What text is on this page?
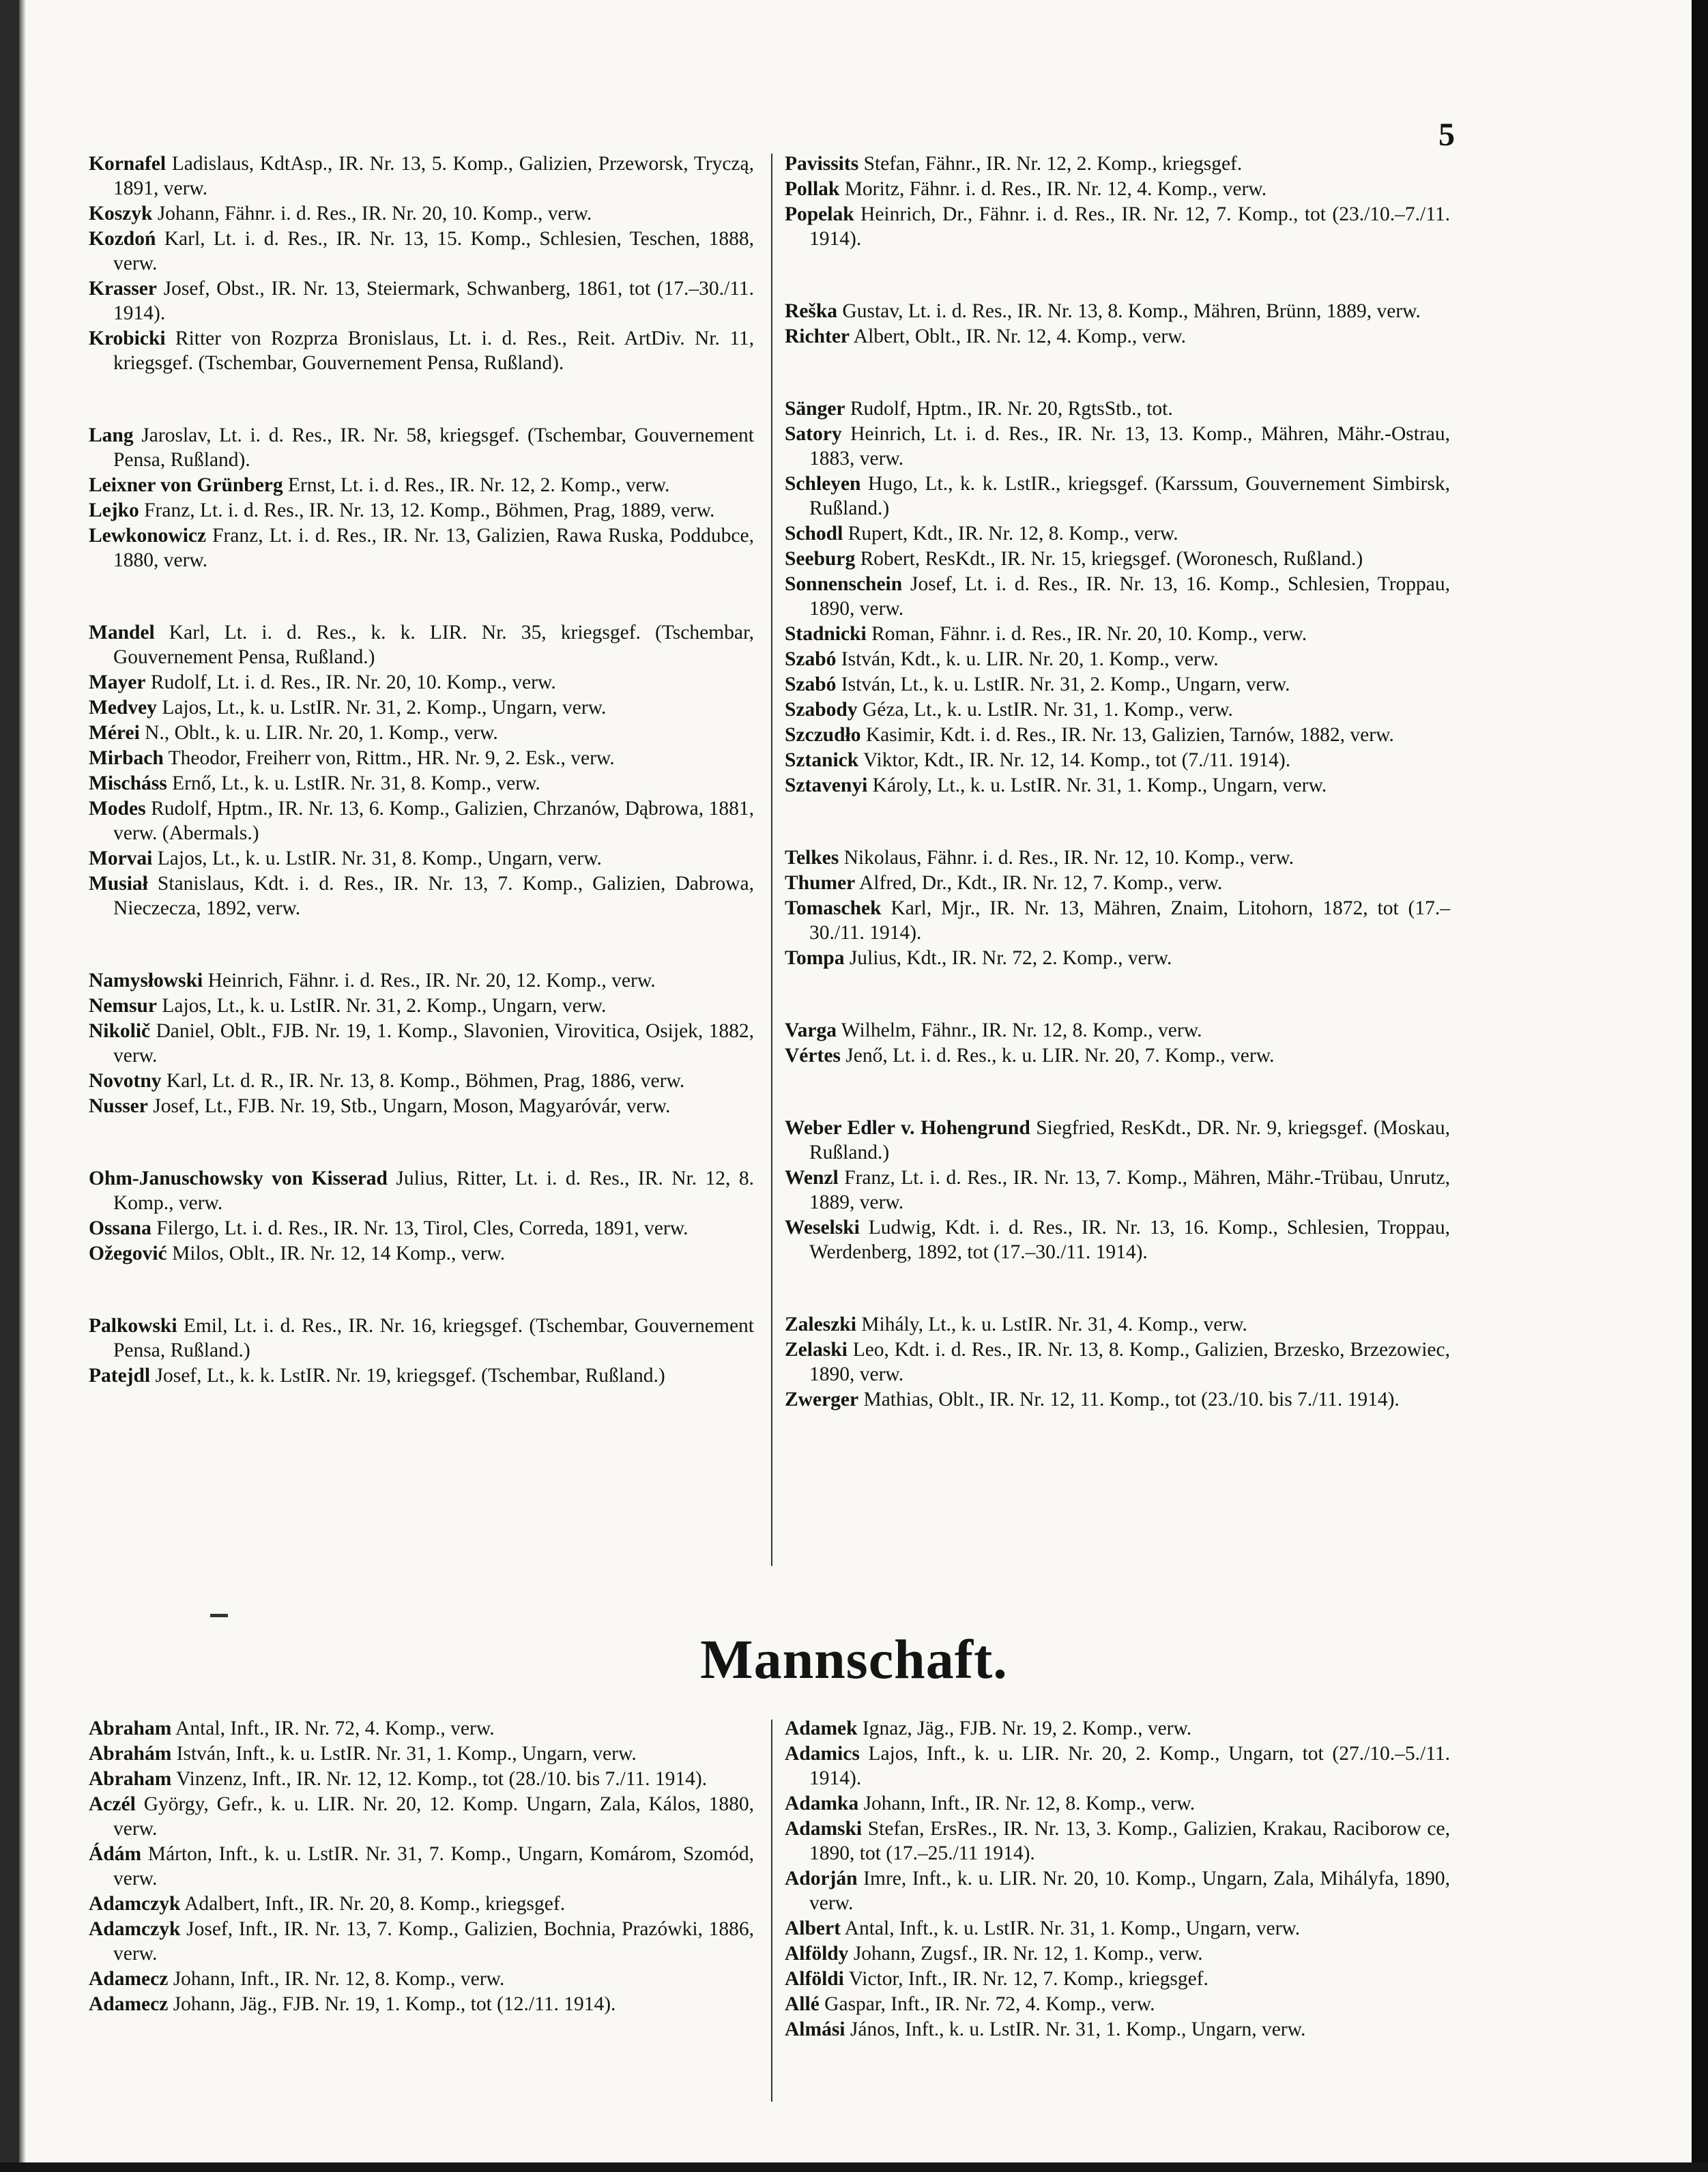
5

Kornafel Ladislaus, KdtAsp., IR. Nr. 13, 5. Komp., Galizien, Przeworsk, Tryczą, 1891, verw.

Koszyk Johann, Fähnr. i. d. Res., IR. Nr. 20, 10. Komp., verw.

Kozdoń Karl, Lt. i. d. Res., IR. Nr. 13, 15. Komp., Schlesien, Teschen, 1888, verw.

Krasser Josef, Obst., IR. Nr. 13, Steiermark, Schwanberg, 1861, tot (17.–30./11. 1914).

Krobicki Ritter von Rozprza Bronislaus, Lt. i. d. Res., Reit. ArtDiv. Nr. 11, kriegsgef. (Tschembar, Gouvernement Pensa, Rußland).

Lang Jaroslav, Lt. i. d. Res., IR. Nr. 58, kriegsgef. (Tschembar, Gouvernement Pensa, Rußland).

Leixner von Grünberg Ernst, Lt. i. d. Res., IR. Nr. 12, 2. Komp., verw.

Lejko Franz, Lt. i. d. Res., IR. Nr. 13, 12. Komp., Böhmen, Prag, 1889, verw.

Lewkonowicz Franz, Lt. i. d. Res., IR. Nr. 13, Galizien, Rawa Ruska, Poddubce, 1880, verw.

Mandel Karl, Lt. i. d. Res., k. k. LIR. Nr. 35, kriegsgef. (Tschembar, Gouvernement Pensa, Rußland.)

Mayer Rudolf, Lt. i. d. Res., IR. Nr. 20, 10. Komp., verw.

Medvey Lajos, Lt., k. u. LstIR. Nr. 31, 2. Komp., Ungarn, verw.

Mérei N., Oblt., k. u. LIR. Nr. 20, 1. Komp., verw.

Mirbach Theodor, Freiherr von, Rittm., HR. Nr. 9, 2. Esk., verw.

Mischáss Ernő, Lt., k. u. LstIR. Nr. 31, 8. Komp., verw.

Modes Rudolf, Hptm., IR. Nr. 13, 6. Komp., Galizien, Chrzanów, Dąbrowa, 1881, verw. (Abermals.)

Morvai Lajos, Lt., k. u. LstIR. Nr. 31, 8. Komp., Ungarn, verw.

Musiał Stanislaus, Kdt. i. d. Res., IR. Nr. 13, 7. Komp., Galizien, Dabrowa, Nieczecza, 1892, verw.

Namysłowski Heinrich, Fähnr. i. d. Res., IR. Nr. 20, 12. Komp., verw.

Nemsur Lajos, Lt., k. u. LstIR. Nr. 31, 2. Komp., Ungarn, verw.

Nikolič Daniel, Oblt., FJB. Nr. 19, 1. Komp., Slavonien, Virovitica, Osijek, 1882, verw.

Novotny Karl, Lt. d. R., IR. Nr. 13, 8. Komp., Böhmen, Prag, 1886, verw.

Nusser Josef, Lt., FJB. Nr. 19, Stb., Ungarn, Moson, Magyaróvár, verw.

Ohm-Januschowsky von Kisserad Julius, Ritter, Lt. i. d. Res., IR. Nr. 12, 8. Komp., verw.

Ossana Filergo, Lt. i. d. Res., IR. Nr. 13, Tirol, Cles, Correda, 1891, verw.

Ožegović Milos, Oblt., IR. Nr. 12, 14 Komp., verw.

Palkowski Emil, Lt. i. d. Res., IR. Nr. 16, kriegsgef. (Tschembar, Gouvernement Pensa, Rußland.)

Patejdl Josef, Lt., k. k. LstIR. Nr. 19, kriegsgef. (Tschembar, Rußland.)

Pavissits Stefan, Fähnr., IR. Nr. 12, 2. Komp., kriegsgef.

Pollak Moritz, Fähnr. i. d. Res., IR. Nr. 12, 4. Komp., verw.

Popelak Heinrich, Dr., Fähnr. i. d. Res., IR. Nr. 12, 7. Komp., tot (23./10.–7./11. 1914).

Reška Gustav, Lt. i. d. Res., IR. Nr. 13, 8. Komp., Mähren, Brünn, 1889, verw.

Richter Albert, Oblt., IR. Nr. 12, 4. Komp., verw.

Sänger Rudolf, Hptm., IR. Nr. 20, RgtsStb., tot.

Satory Heinrich, Lt. i. d. Res., IR. Nr. 13, 13. Komp., Mähren, Mähr.-Ostrau, 1883, verw.

Schleyen Hugo, Lt., k. k. LstIR., kriegsgef. (Karssum, Gouvernement Simbirsk, Rußland.)

Schodl Rupert, Kdt., IR. Nr. 12, 8. Komp., verw.

Seeburg Robert, ResKdt., IR. Nr. 15, kriegsgef. (Woronesch, Rußland.)

Sonnenschein Josef, Lt. i. d. Res., IR. Nr. 13, 16. Komp., Schlesien, Troppau, 1890, verw.

Stadnicki Roman, Fähnr. i. d. Res., IR. Nr. 20, 10. Komp., verw.

Szabó István, Kdt., k. u. LIR. Nr. 20, 1. Komp., verw.

Szabó István, Lt., k. u. LstIR. Nr. 31, 2. Komp., Ungarn, verw.

Szabody Géza, Lt., k. u. LstIR. Nr. 31, 1. Komp., verw.

Szczudło Kasimir, Kdt. i. d. Res., IR. Nr. 13, Galizien, Tarnów, 1882, verw.

Sztanick Viktor, Kdt., IR. Nr. 12, 14. Komp., tot (7./11. 1914).

Sztavenyi Károly, Lt., k. u. LstIR. Nr. 31, 1. Komp., Ungarn, verw.

Telkes Nikolaus, Fähnr. i. d. Res., IR. Nr. 12, 10. Komp., verw.

Thumer Alfred, Dr., Kdt., IR. Nr. 12, 7. Komp., verw.

Tomaschek Karl, Mjr., IR. Nr. 13, Mähren, Znaim, Litohorn, 1872, tot (17.–30./11. 1914).

Tompa Julius, Kdt., IR. Nr. 72, 2. Komp., verw.

Varga Wilhelm, Fähnr., IR. Nr. 12, 8. Komp., verw.

Vértes Jenő, Lt. i. d. Res., k. u. LIR. Nr. 20, 7. Komp., verw.

Weber Edler v. Hohengrund Siegfried, ResKdt., DR. Nr. 9, kriegsgef. (Moskau, Rußland.)

Wenzl Franz, Lt. i. d. Res., IR. Nr. 13, 7. Komp., Mähren, Mähr.-Trübau, Unrutz, 1889, verw.

Weselski Ludwig, Kdt. i. d. Res., IR. Nr. 13, 16. Komp., Schlesien, Troppau, Werdenberg, 1892, tot (17.–30./11. 1914).

Zaleszki Mihály, Lt., k. u. LstIR. Nr. 31, 4. Komp., verw.

Zelaski Leo, Kdt. i. d. Res., IR. Nr. 13, 8. Komp., Galizien, Brzesko, Brzezowiec, 1890, verw.

Zwerger Mathias, Oblt., IR. Nr. 12, 11. Komp., tot (23./10. bis 7./11. 1914).

Mannschaft.

Abraham Antal, Inft., IR. Nr. 72, 4. Komp., verw.

Abrahám István, Inft., k. u. LstIR. Nr. 31, 1. Komp., Ungarn, verw.

Abraham Vinzenz, Inft., IR. Nr. 12, 12. Komp., tot (28./10. bis 7./11. 1914).

Aczél György, Gefr., k. u. LIR. Nr. 20, 12. Komp. Ungarn, Zala, Kálos, 1880, verw.

Ádám Márton, Inft., k. u. LstIR. Nr. 31, 7. Komp., Ungarn, Komárom, Szomód, verw.

Adamczyk Adalbert, Inft., IR. Nr. 20, 8. Komp., kriegsgef.

Adamczyk Josef, Inft., IR. Nr. 13, 7. Komp., Galizien, Bochnia, Prazówki, 1886, verw.

Adamecz Johann, Inft., IR. Nr. 12, 8. Komp., verw.

Adamecz Johann, Jäg., FJB. Nr. 19, 1. Komp., tot (12./11. 1914).

Adamek Ignaz, Jäg., FJB. Nr. 19, 2. Komp., verw.

Adamics Lajos, Inft., k. u. LIR. Nr. 20, 2. Komp., Ungarn, tot (27./10.–5./11. 1914).

Adamka Johann, Inft., IR. Nr. 12, 8. Komp., verw.

Adamski Stefan, ErsRes., IR. Nr. 13, 3. Komp., Galizien, Krakau, Raciborow ce, 1890, tot (17.–25./11 1914).

Adorján Imre, Inft., k. u. LIR. Nr. 20, 10. Komp., Ungarn, Zala, Mihályfa, 1890, verw.

Albert Antal, Inft., k. u. LstIR. Nr. 31, 1. Komp., Ungarn, verw.

Alföldy Johann, Zugsf., IR. Nr. 12, 1. Komp., verw.

Alföldi Victor, Inft., IR. Nr. 12, 7. Komp., kriegsgef.

Allé Gaspar, Inft., IR. Nr. 72, 4. Komp., verw.

Almási János, Inft., k. u. LstIR. Nr. 31, 1. Komp., Ungarn, verw.
